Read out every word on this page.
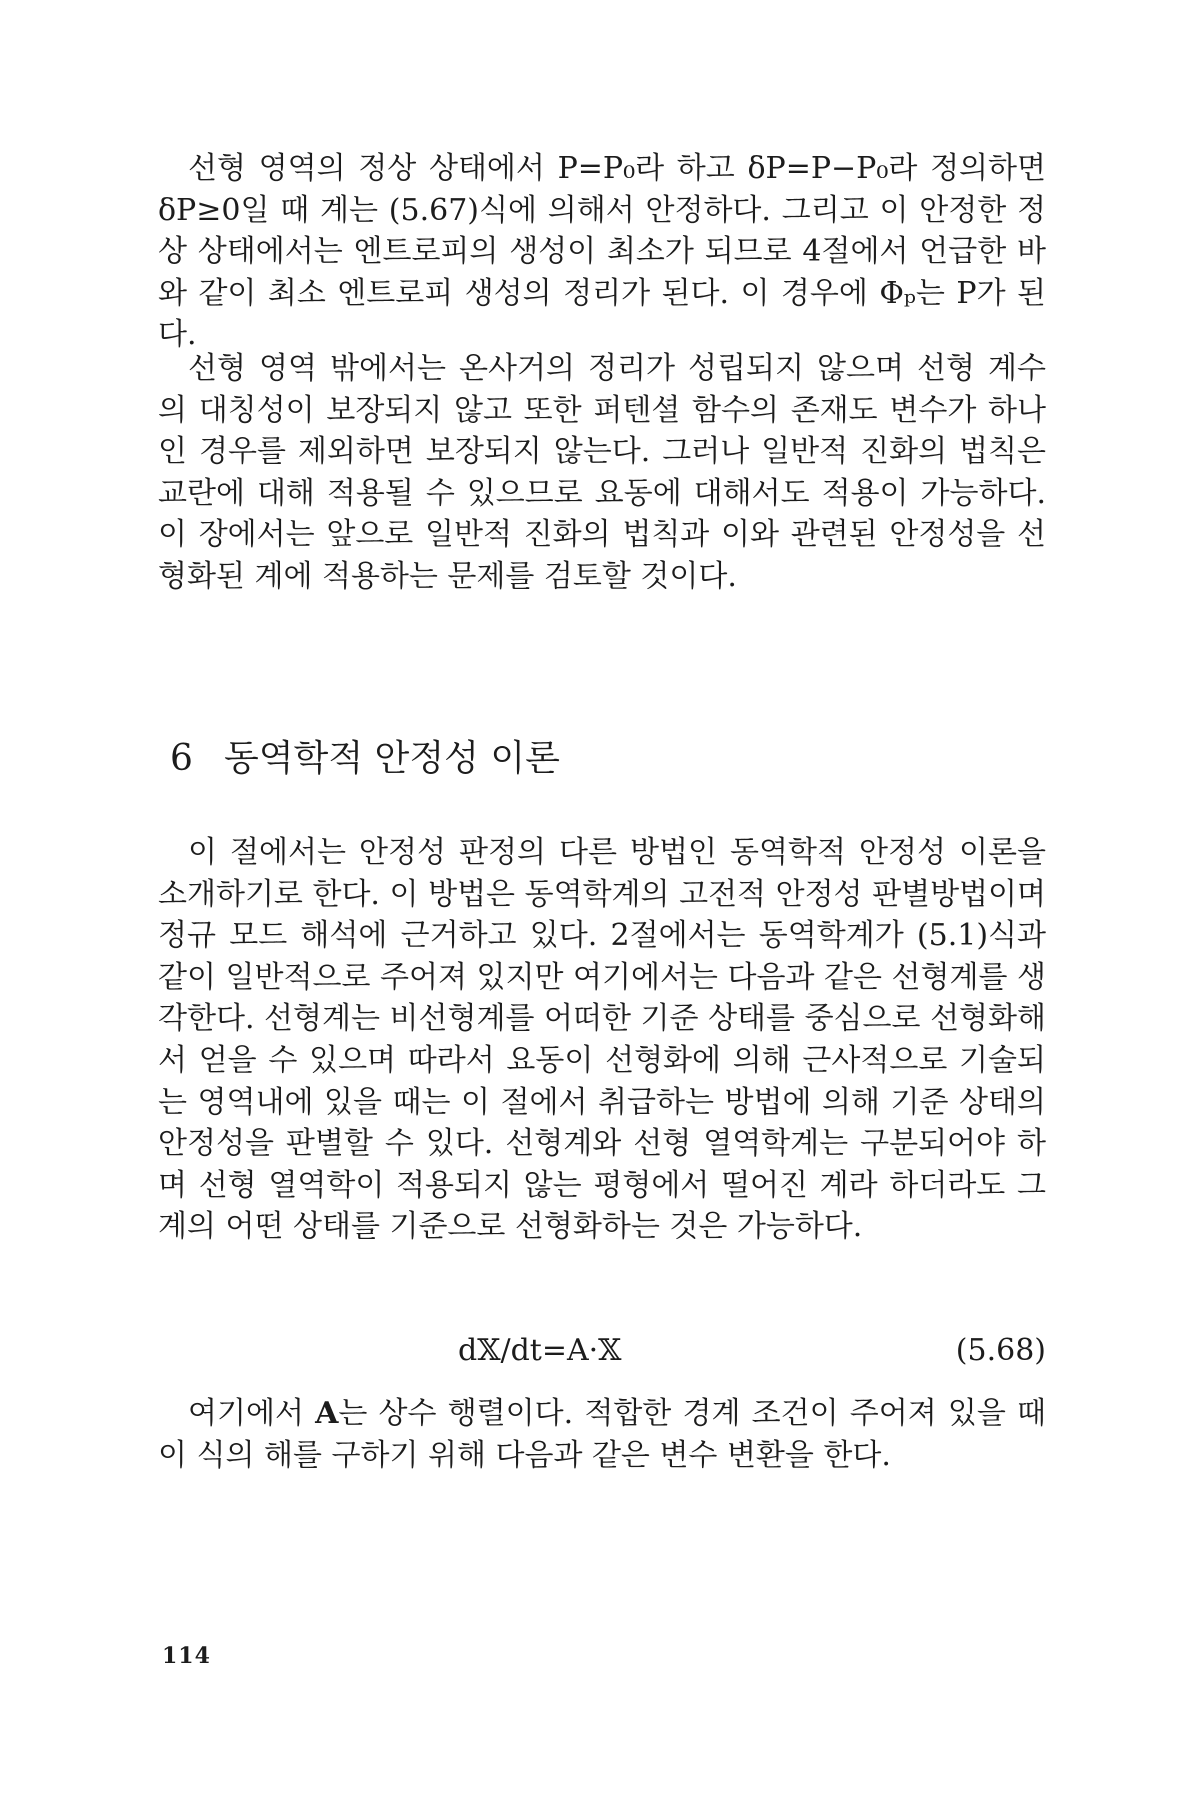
선형 영역의 정상 상태에서 P=P₀라 하고 δP=P−P₀라 정의하면 δP≥0일 때 계는 (5.67)식에 의해서 안정하다. 그리고 이 안정한 정상 상태에서는 엔트로피의 생성이 최소가 되므로 4절에서 언급한 바와 같이 최소 엔트로피 생성의 정리가 된다. 이 경우에 Φₚ는 P가 된다.

선형 영역 밖에서는 온사거의 정리가 성립되지 않으며 선형 계수의 대칭성이 보장되지 않고 또한 퍼텐셜 함수의 존재도 변수가 하나인 경우를 제외하면 보장되지 않는다. 그러나 일반적 진화의 법칙은 교란에 대해 적용될 수 있으므로 요동에 대해서도 적용이 가능하다. 이 장에서는 앞으로 일반적 진화의 법칙과 이와 관련된 안정성을 선형화된 계에 적용하는 문제를 검토할 것이다.

6 동역학적 안정성 이론

이 절에서는 안정성 판정의 다른 방법인 동역학적 안정성 이론을 소개하기로 한다. 이 방법은 동역학계의 고전적 안정성 판별방법이며 정규 모드 해석에 근거하고 있다. 2절에서는 동역학계가 (5.1)식과 같이 일반적으로 주어져 있지만 여기에서는 다음과 같은 선형계를 생각한다. 선형계는 비선형계를 어떠한 기준 상태를 중심으로 선형화해서 얻을 수 있으며 따라서 요동이 선형화에 의해 근사적으로 기술되는 영역내에 있을 때는 이 절에서 취급하는 방법에 의해 기준 상태의 안정성을 판별할 수 있다. 선형계와 선형 열역학계는 구분되어야 하며 선형 열역학이 적용되지 않는 평형에서 떨어진 계라 하더라도 그 계의 어떤 상태를 기준으로 선형화하는 것은 가능하다.

d𝕏/dt=A·𝕏	(5.68)

여기에서 A는 상수 행렬이다. 적합한 경계 조건이 주어져 있을 때 이 식의 해를 구하기 위해 다음과 같은 변수 변환을 한다.

114
